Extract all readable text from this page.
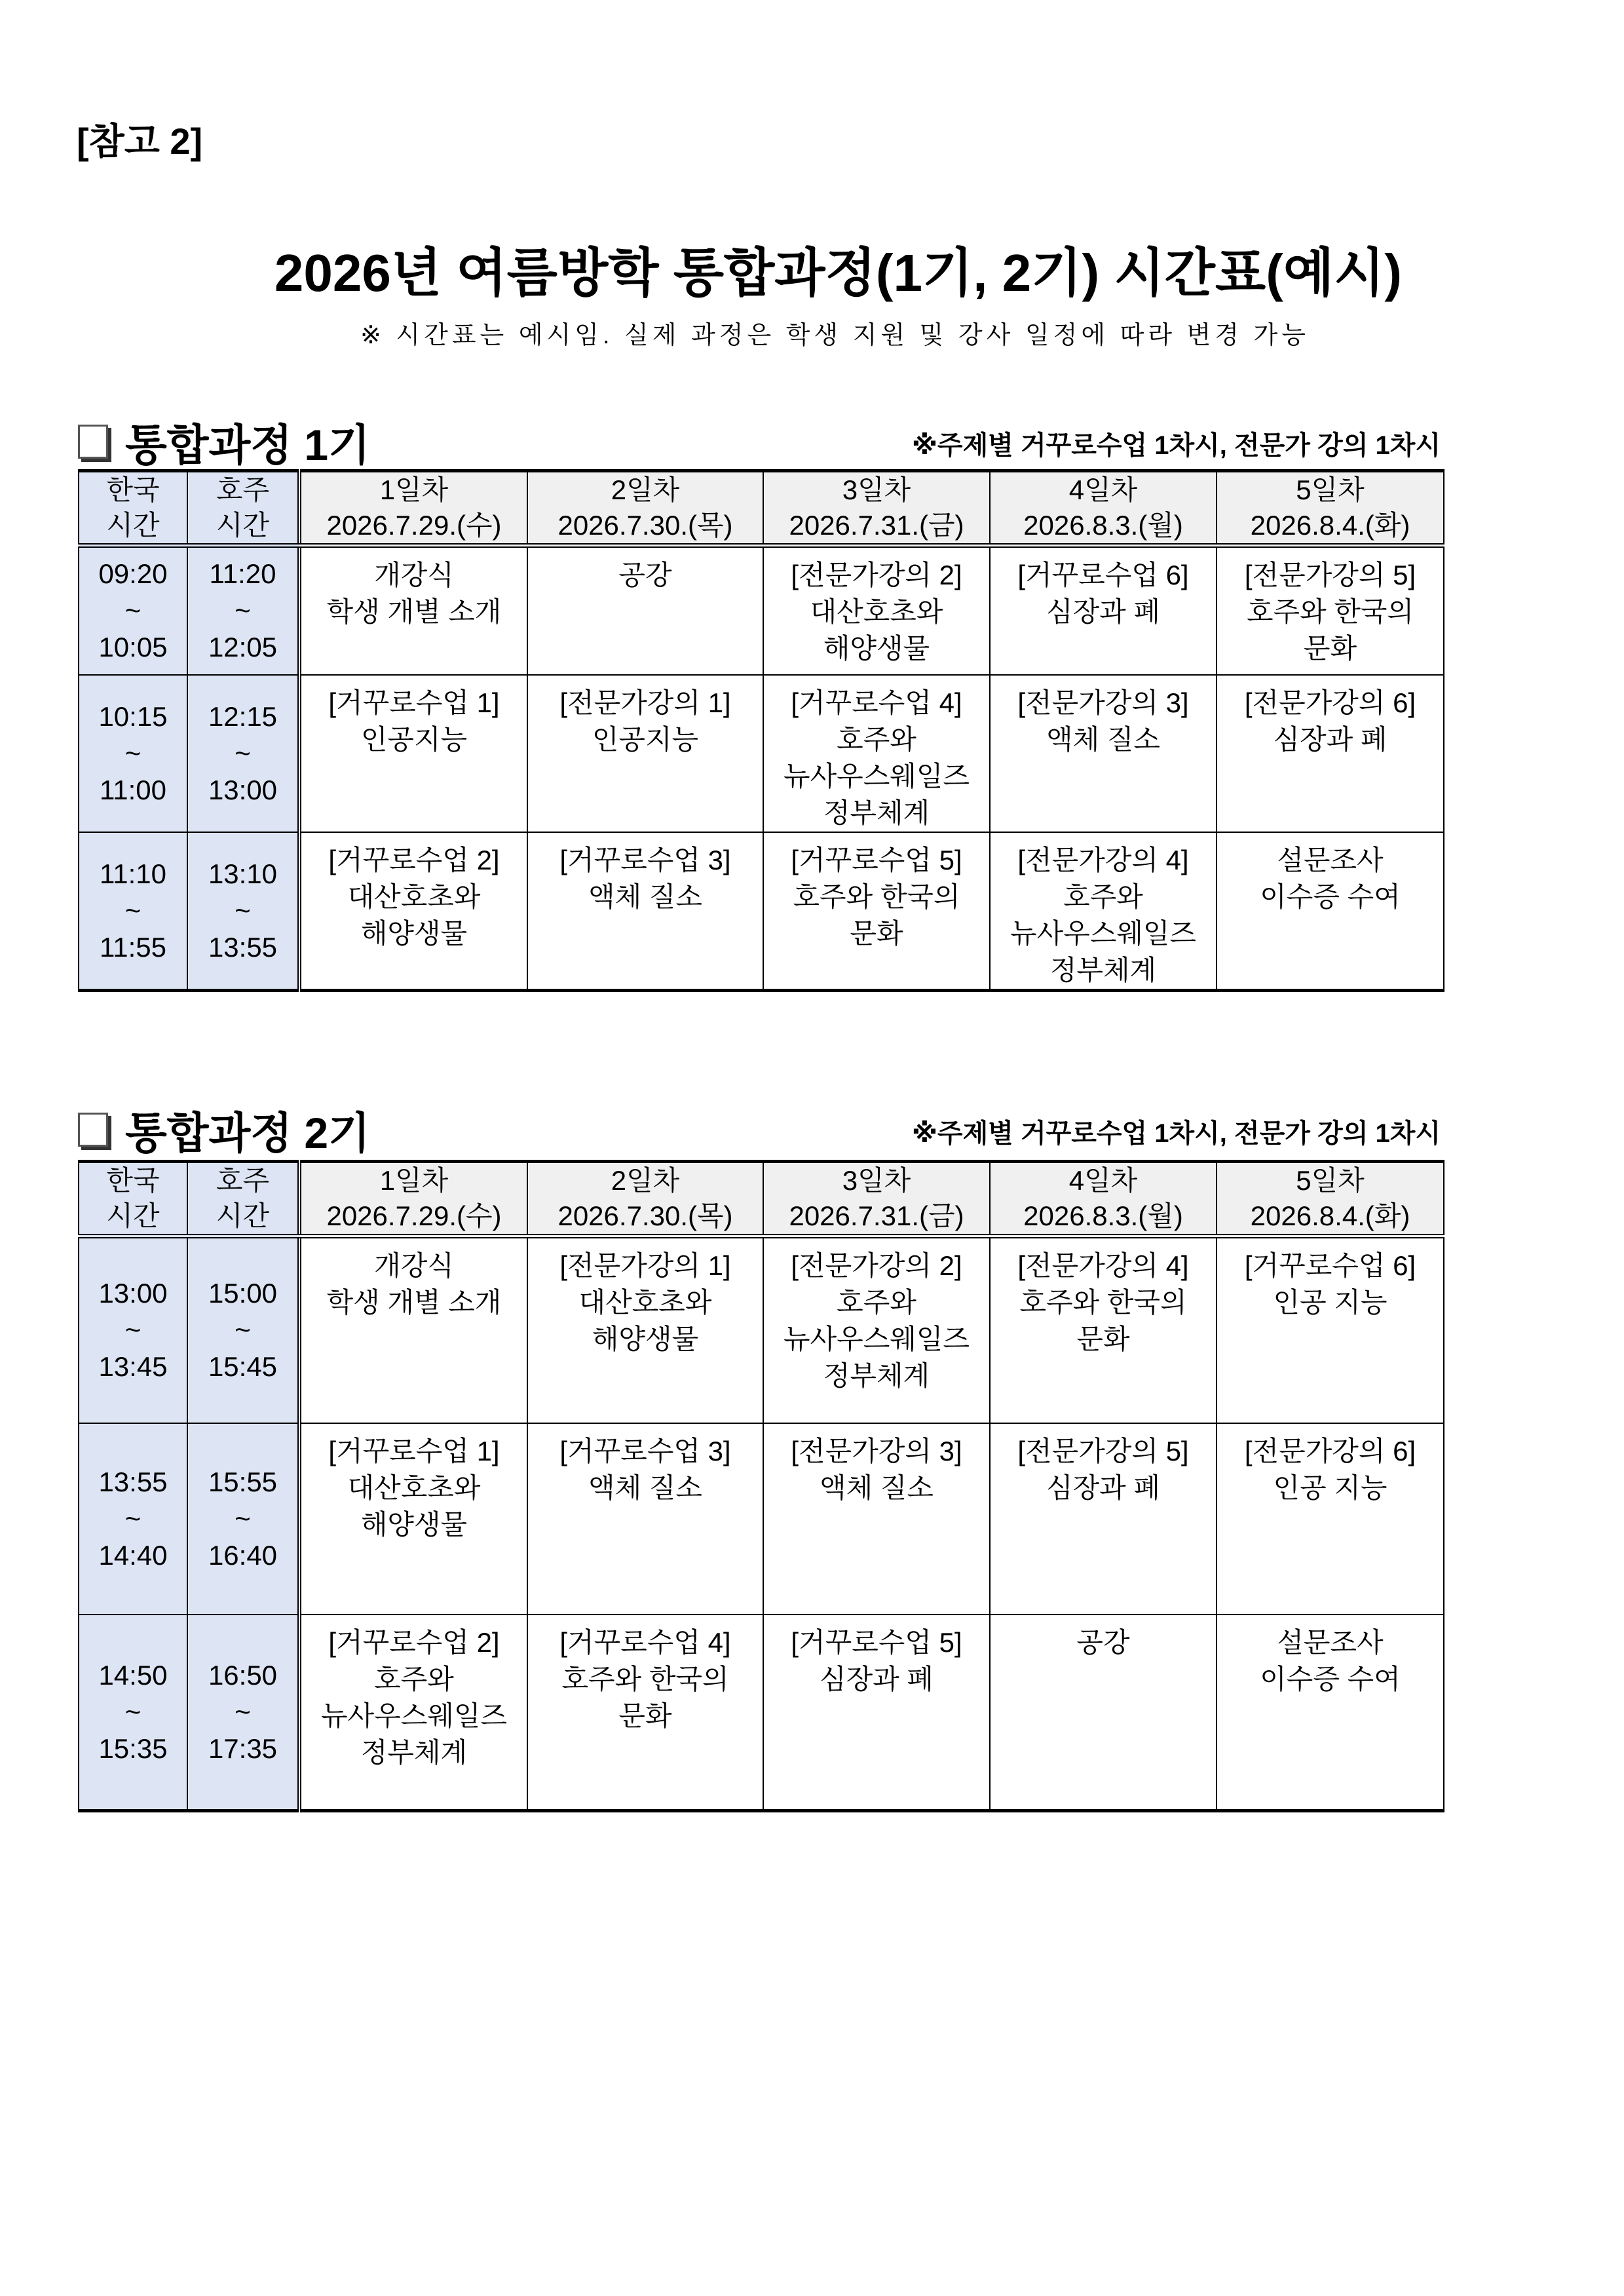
[참고 2]
2026년 여름방학 통합과정(1기, 2기) 시간표(예시)
※ 시간표는 예시임. 실제 과정은 학생 지원 및 강사 일정에 따라 변경 가능
통합과정 1기	※주제별 거꾸로수업 1차시, 전문가 강의 1차시
한국
시간

호주
시간

1일차
2026.7.29.(수)

2일차
2026.7.30.(목)

3일차
2026.7.31.(금)

4일차
2026.8.3.(월)

5일차
2026.8.4.(화)

09:20
~
10:05

11:20
~
12:05

개강식
학생 개별 소개

공강	[전문가강의 2]
대산호초와
해양생물

[거꾸로수업 6]
심장과 폐

[전문가강의 5]
호주와 한국의
문화

10:15
~
11:00

12:15
~
13:00

[거꾸로수업 1]
인공지능

[전문가강의 1]
인공지능

[거꾸로수업 4]
호주와
뉴사우스웨일즈
정부체계

[전문가강의 3]
액체 질소

[전문가강의 6]
심장과 폐

11:10
~
11:55

13:10
~
13:55

[거꾸로수업 2]
대산호초와
해양생물

[거꾸로수업 3]
액체 질소

[거꾸로수업 5]
호주와 한국의
문화

[전문가강의 4]
호주와
뉴사우스웨일즈
정부체계

설문조사
이수증 수여
통합과정 2기	※주제별 거꾸로수업 1차시, 전문가 강의 1차시
한국
시간

호주
시간

1일차
2026.7.29.(수)

2일차
2026.7.30.(목)

3일차
2026.7.31.(금)

4일차
2026.8.3.(월)

5일차
2026.8.4.(화)

13:00
~
13:45

15:00
~
15:45

개강식
학생 개별 소개

[전문가강의 1]
대산호초와
해양생물

[전문가강의 2]
호주와
뉴사우스웨일즈
정부체계

[전문가강의 4]
호주와 한국의
문화

[거꾸로수업 6]
인공 지능

13:55
~
14:40

15:55
~
16:40

[거꾸로수업 1]
대산호초와
해양생물

[거꾸로수업 3]
액체 질소

[전문가강의 3]
액체 질소

[전문가강의 5]
심장과 폐

[전문가강의 6]
인공 지능

14:50
~
15:35

16:50
~
17:35

[거꾸로수업 2]
호주와
뉴사우스웨일즈
정부체계

[거꾸로수업 4]
호주와 한국의
문화

[거꾸로수업 5]
심장과 폐

공강	설문조사
이수증 수여
